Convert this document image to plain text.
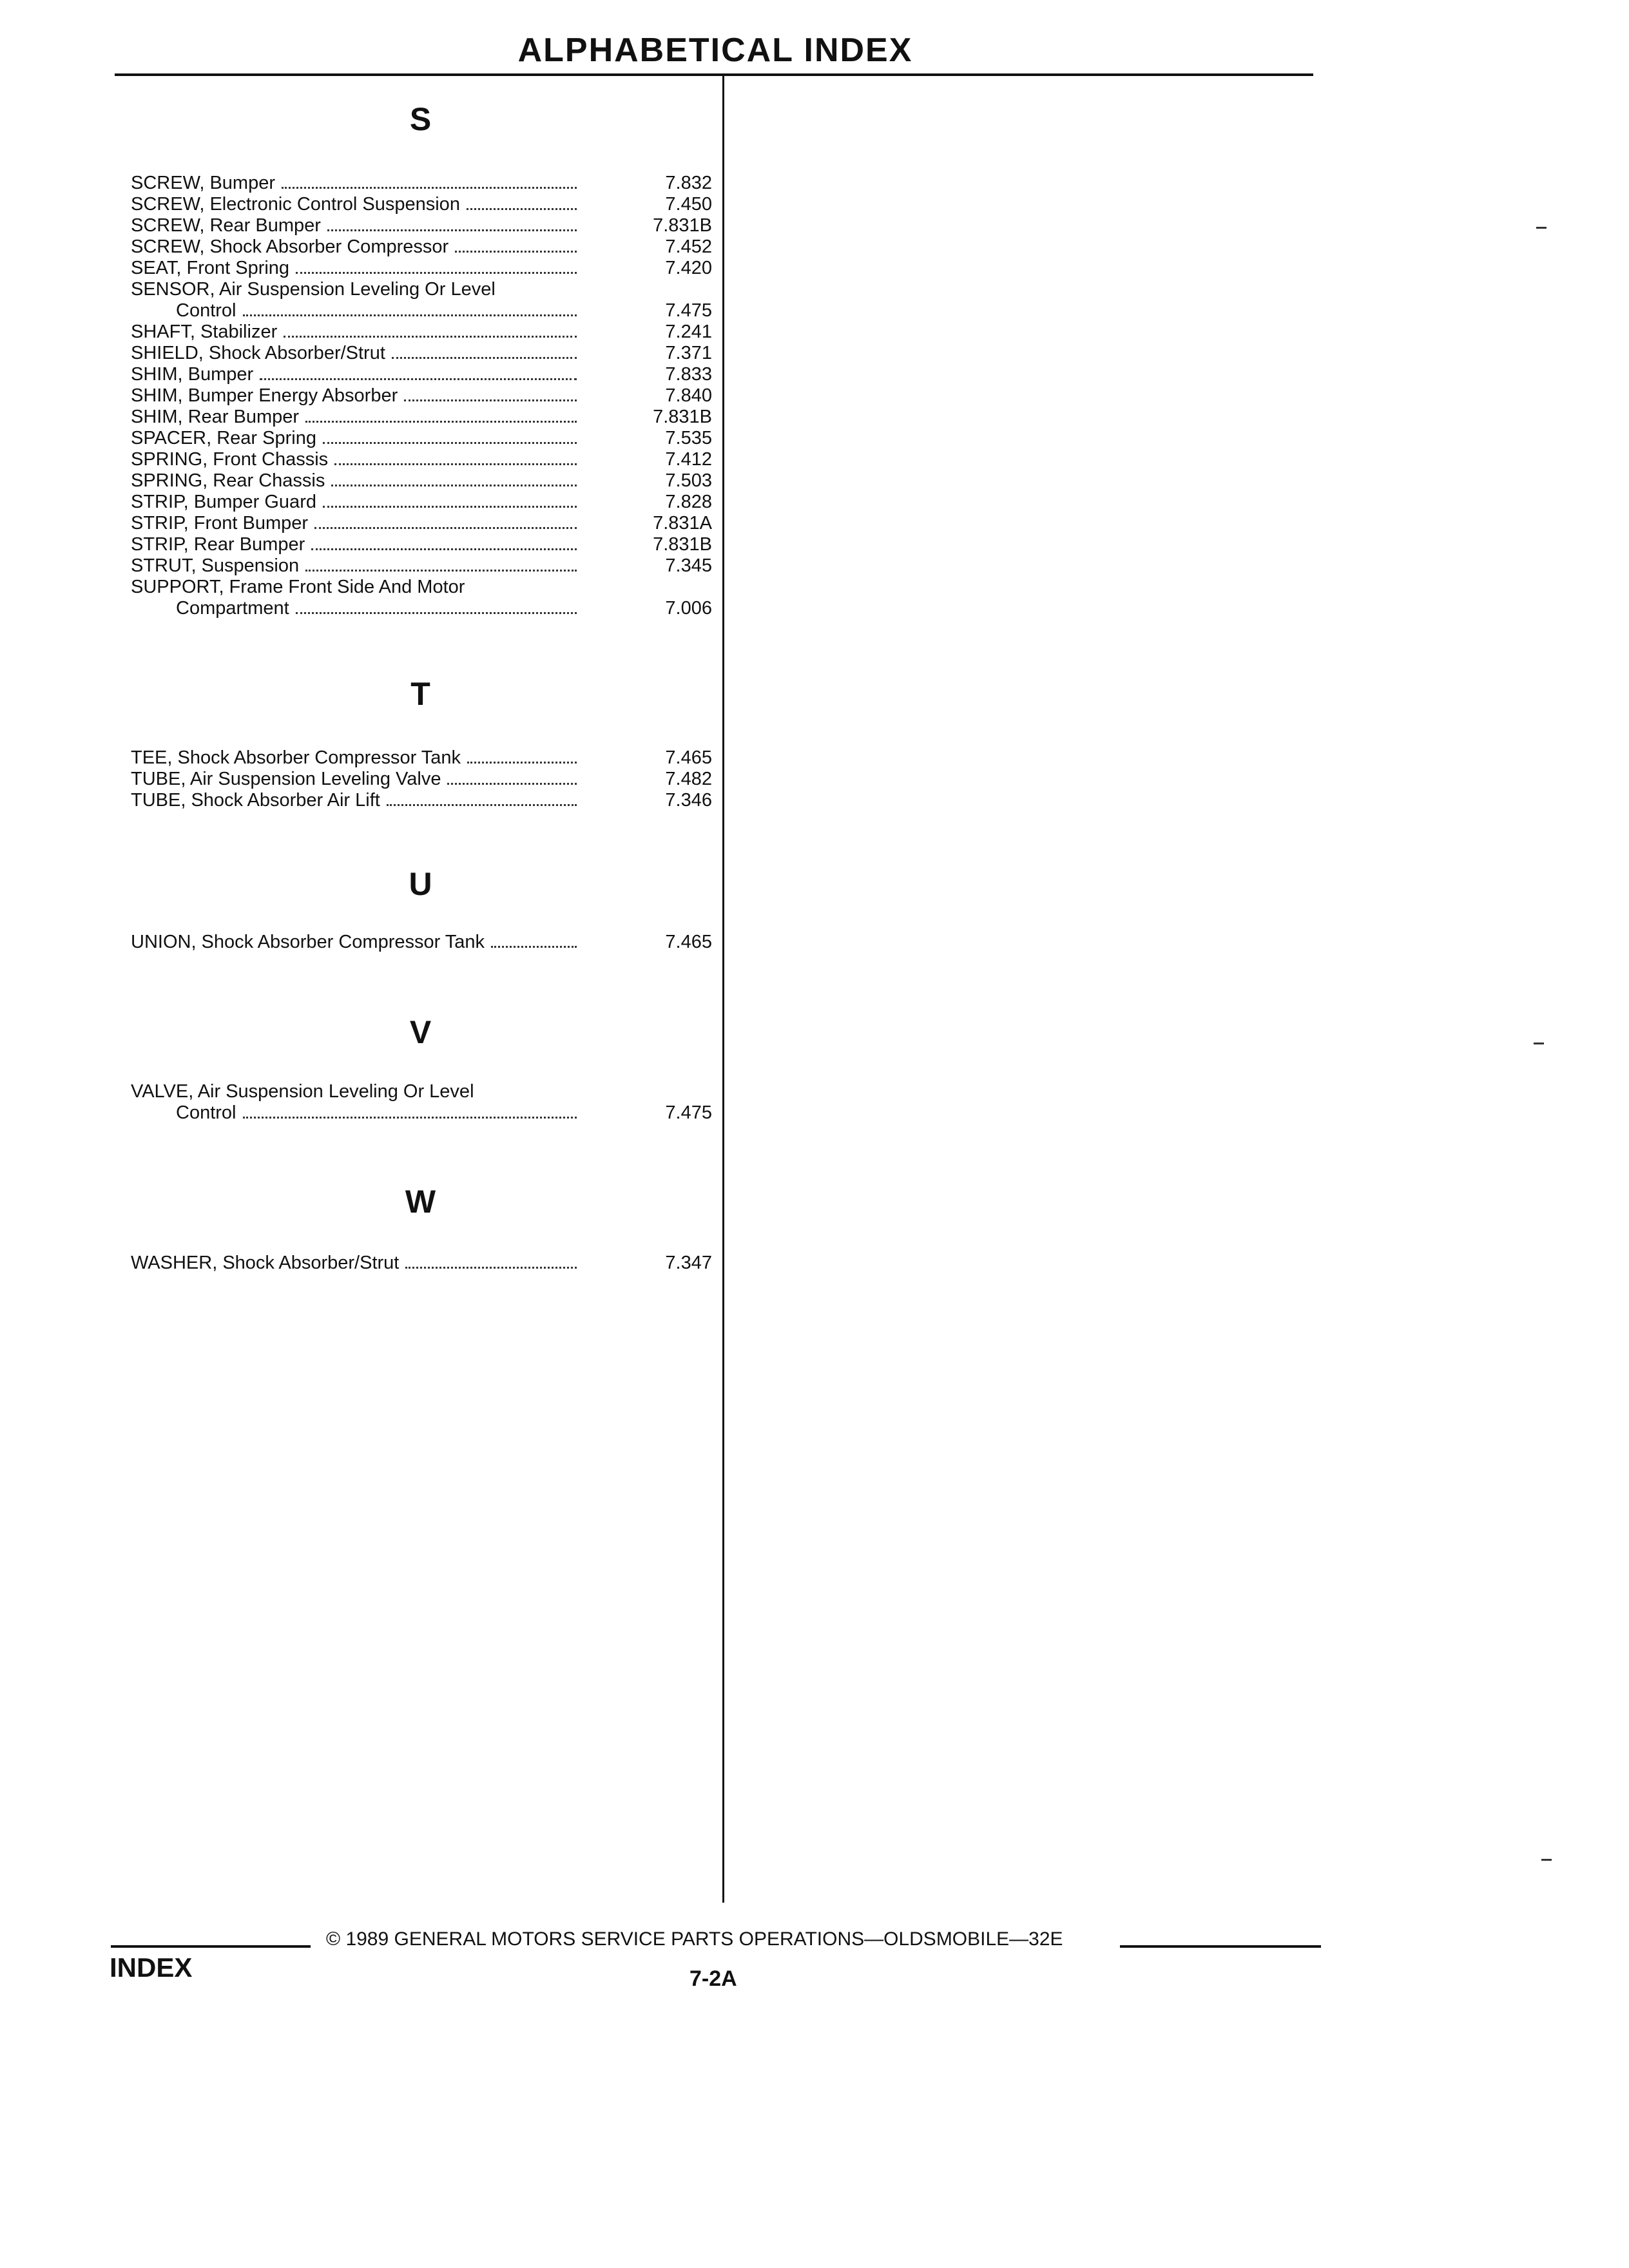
ALPHABETICAL INDEX
S
SCREW, Bumper	7.832
SCREW, Electronic Control Suspension	7.450
SCREW, Rear Bumper	7.831B
SCREW, Shock Absorber Compressor	7.452
SEAT, Front Spring	7.420
SENSOR, Air Suspension Leveling Or Level
Control	7.475
SHAFT, Stabilizer	7.241
SHIELD, Shock Absorber/Strut	7.371
SHIM, Bumper	7.833
SHIM, Bumper Energy Absorber	7.840
SHIM, Rear Bumper	7.831B
SPACER, Rear Spring	7.535
SPRING, Front Chassis	7.412
SPRING, Rear Chassis	7.503
STRIP, Bumper Guard	7.828
STRIP, Front Bumper	7.831A
STRIP, Rear Bumper	7.831B
STRUT, Suspension	7.345
SUPPORT, Frame Front Side And Motor
Compartment	7.006
T
TEE, Shock Absorber Compressor Tank	7.465
TUBE, Air Suspension Leveling Valve	7.482
TUBE, Shock Absorber Air Lift	7.346
U
UNION, Shock Absorber Compressor Tank	7.465
V
VALVE, Air Suspension Leveling Or Level
Control	7.475
W
WASHER, Shock Absorber/Strut	7.347
© 1989 GENERAL MOTORS SERVICE PARTS OPERATIONS—OLDSMOBILE—32E
INDEX	7-2A
